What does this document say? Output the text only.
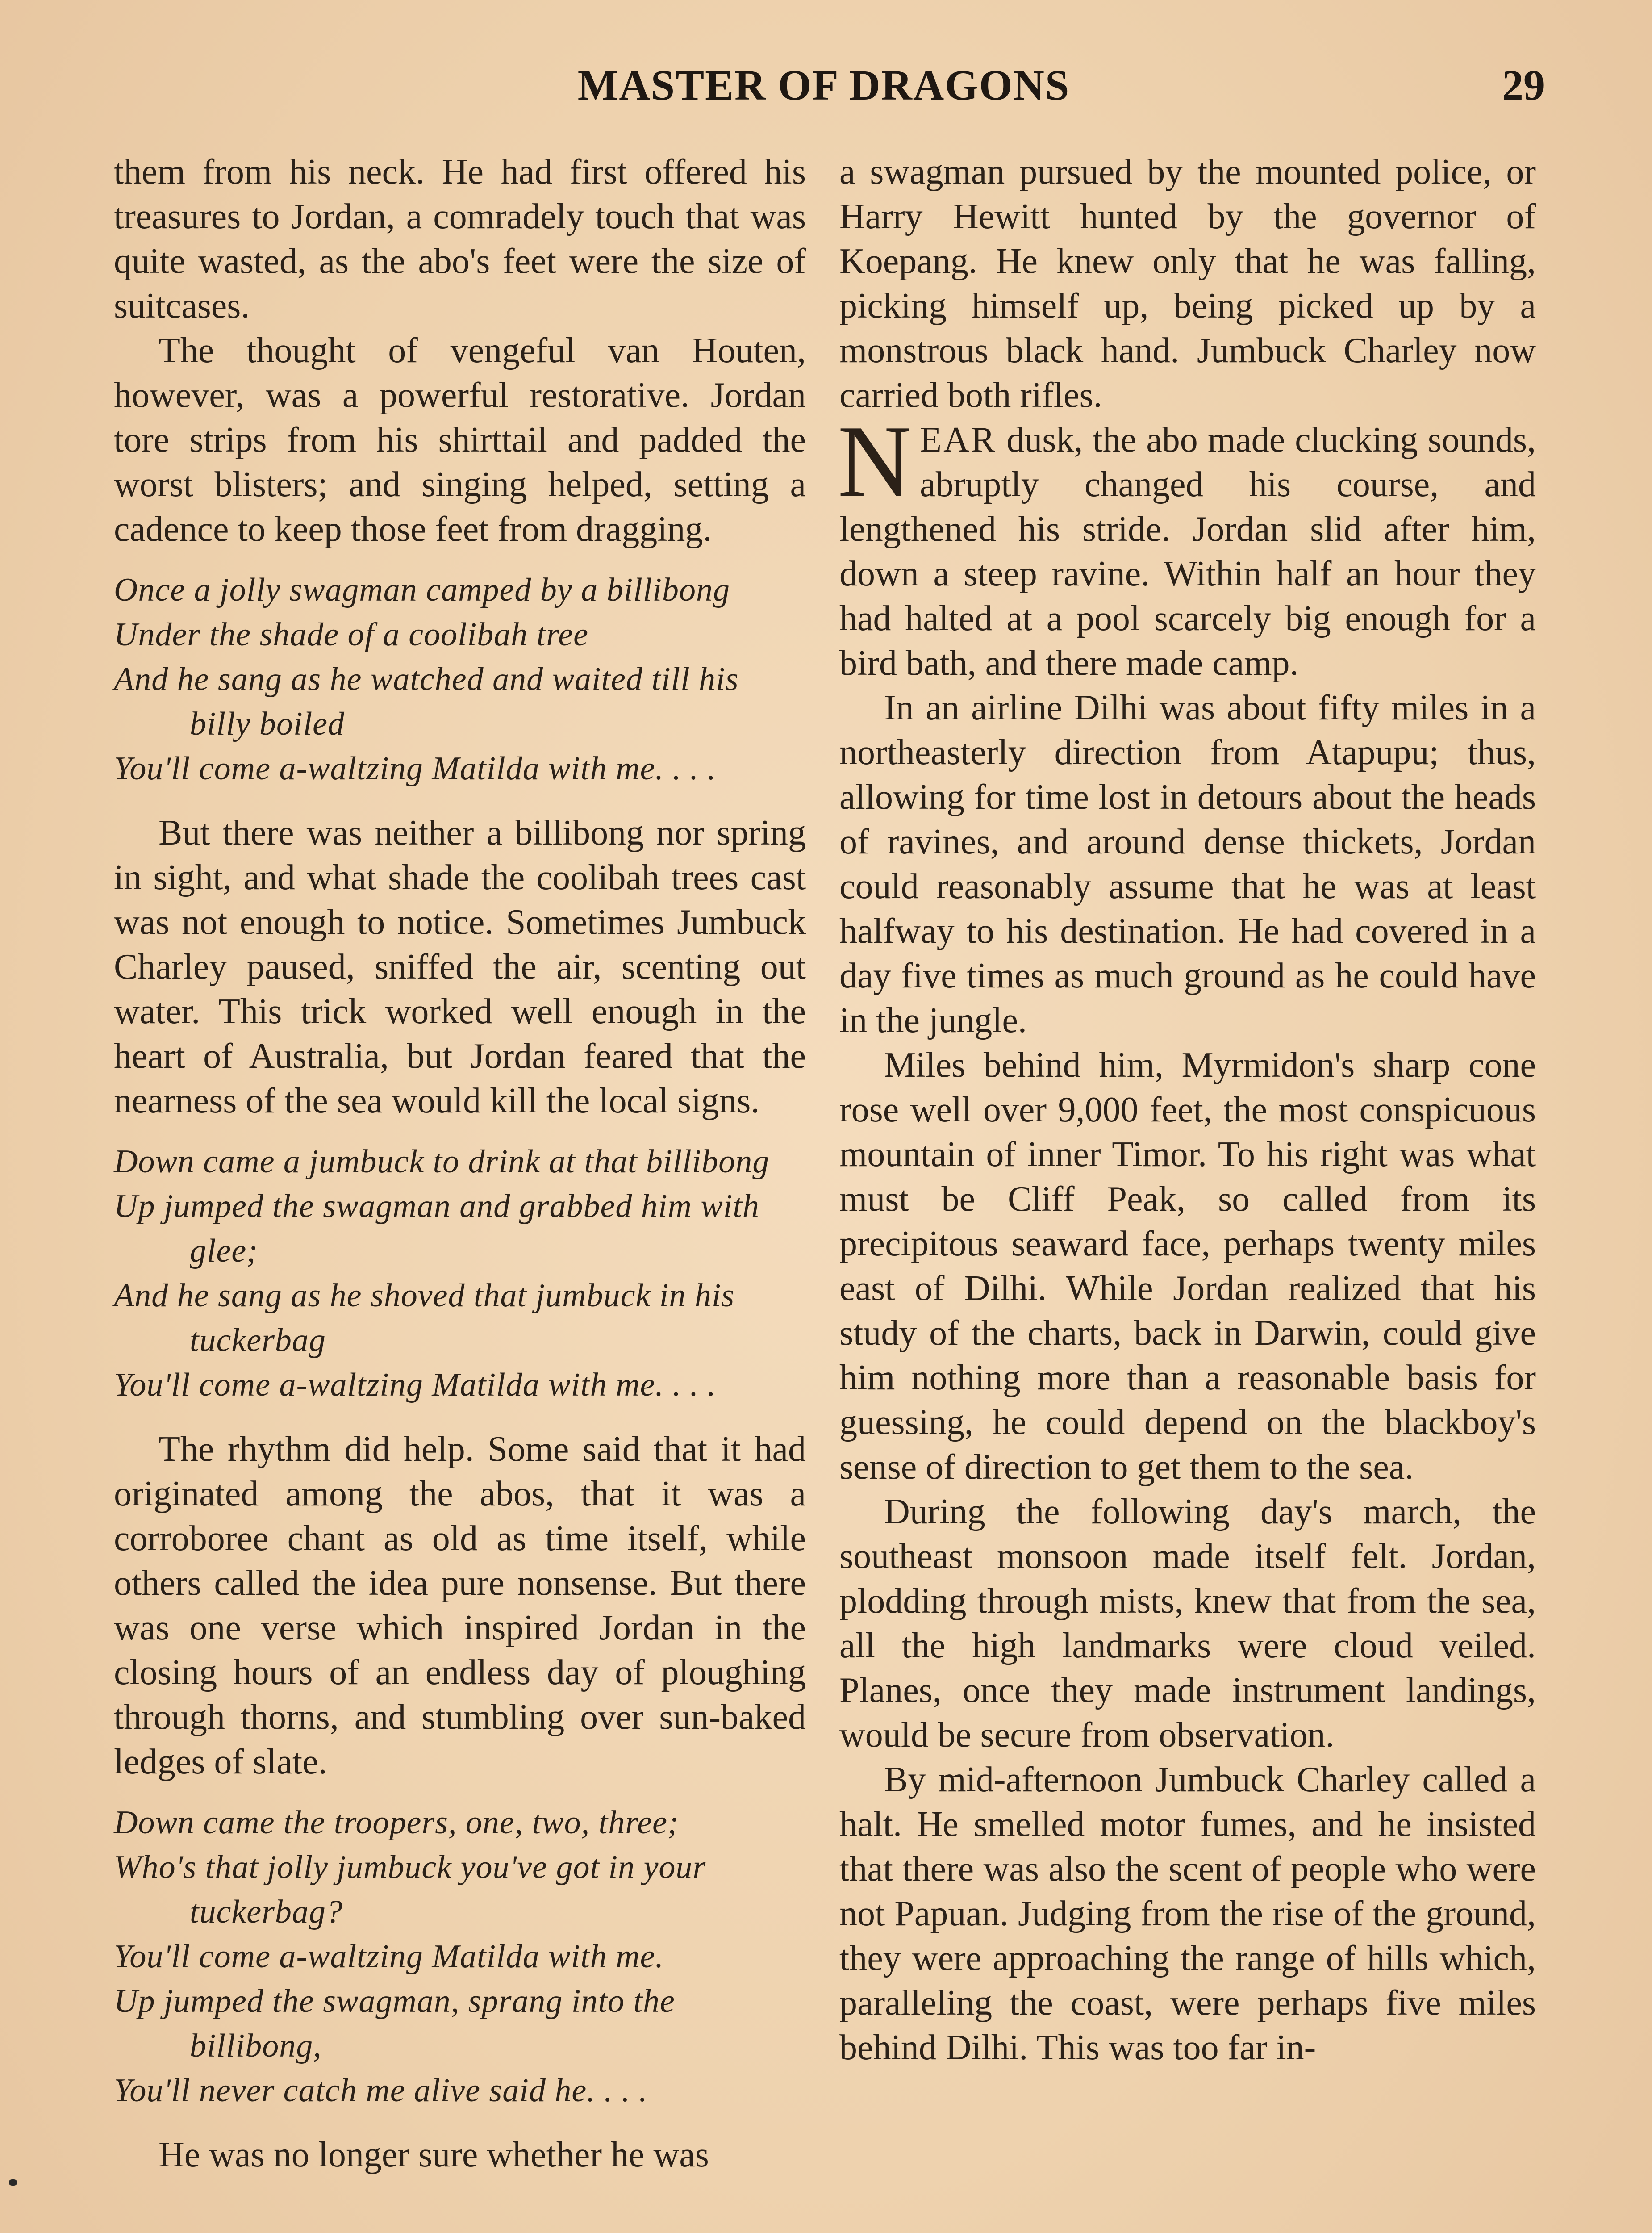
MASTER OF DRAGONS	29

them from his neck. He had first offered his treasures to Jordan, a comradely touch that was quite wasted, as the abo's feet were the size of suitcases.

The thought of vengeful van Houten, however, was a powerful restorative. Jordan tore strips from his shirttail and padded the worst blisters; and singing helped, setting a cadence to keep those feet from dragging.

Once a jolly swagman camped by a billibong
Under the shade of a coolibah tree
And he sang as he watched and waited till his billy boiled
You'll come a-waltzing Matilda with me. . . .

But there was neither a billibong nor spring in sight, and what shade the coolibah trees cast was not enough to notice. Sometimes Jumbuck Charley paused, sniffed the air, scenting out water. This trick worked well enough in the heart of Australia, but Jordan feared that the nearness of the sea would kill the local signs.

Down came a jumbuck to drink at that billibong
Up jumped the swagman and grabbed him with glee;
And he sang as he shoved that jumbuck in his tuckerbag
You'll come a-waltzing Matilda with me. . . .

The rhythm did help. Some said that it had originated among the abos, that it was a corroboree chant as old as time itself, while others called the idea pure nonsense. But there was one verse which inspired Jordan in the closing hours of an endless day of ploughing through thorns, and stumbling over sun-baked ledges of slate.

Down came the troopers, one, two, three;
Who's that jolly jumbuck you've got in your tuckerbag?
You'll come a-waltzing Matilda with me.
Up jumped the swagman, sprang into the billibong,
You'll never catch me alive said he. . . .

He was no longer sure whether he was

a swagman pursued by the mounted police, or Harry Hewitt hunted by the governor of Koepang. He knew only that he was falling, picking himself up, being picked up by a monstrous black hand. Jumbuck Charley now carried both rifles.

NEAR dusk, the abo made clucking sounds, abruptly changed his course, and lengthened his stride. Jordan slid after him, down a steep ravine. Within half an hour they had halted at a pool scarcely big enough for a bird bath, and there made camp.

In an airline Dilhi was about fifty miles in a northeasterly direction from Atapupu; thus, allowing for time lost in detours about the heads of ravines, and around dense thickets, Jordan could reasonably assume that he was at least halfway to his destination. He had covered in a day five times as much ground as he could have in the jungle.

Miles behind him, Myrmidon's sharp cone rose well over 9,000 feet, the most conspicuous mountain of inner Timor. To his right was what must be Cliff Peak, so called from its precipitous seaward face, perhaps twenty miles east of Dilhi. While Jordan realized that his study of the charts, back in Darwin, could give him nothing more than a reasonable basis for guessing, he could depend on the blackboy's sense of direction to get them to the sea.

During the following day's march, the southeast monsoon made itself felt. Jordan, plodding through mists, knew that from the sea, all the high landmarks were cloud veiled. Planes, once they made instrument landings, would be secure from observation.

By mid-afternoon Jumbuck Charley called a halt. He smelled motor fumes, and he insisted that there was also the scent of people who were not Papuan. Judging from the rise of the ground, they were approaching the range of hills which, paralleling the coast, were perhaps five miles behind Dilhi. This was too far in-
